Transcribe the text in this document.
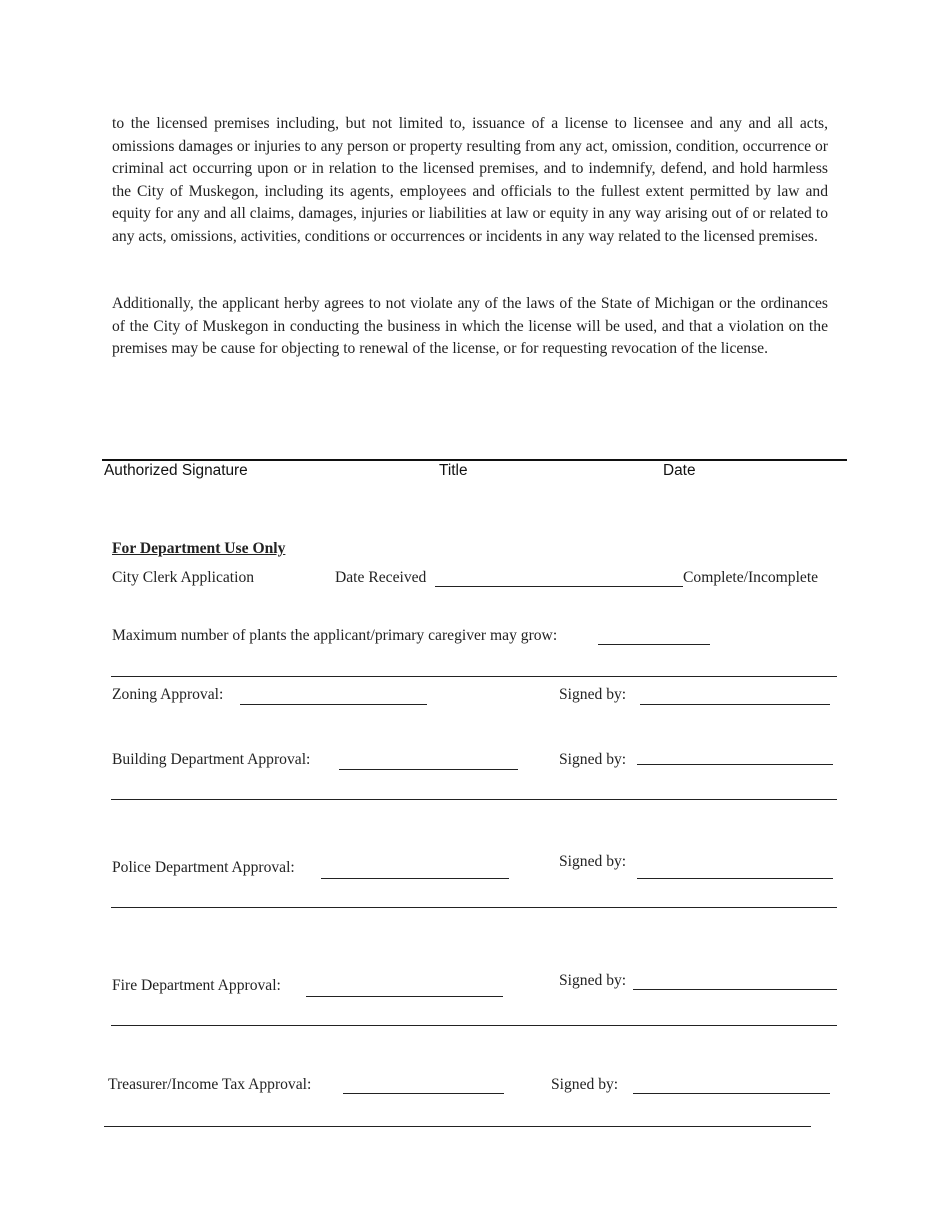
to the licensed premises including, but not limited to, issuance of a license to licensee and any and all acts, omissions damages or injuries to any person or property resulting from any act, omission, condition, occurrence or criminal act occurring upon or in relation to the licensed premises, and to indemnify, defend, and hold harmless the City of Muskegon, including its agents, employees and officials to the fullest extent permitted by law and equity for any and all claims, damages, injuries or liabilities at law or equity in any way arising out of or related to any acts, omissions, activities, conditions or occurrences or incidents in any way related to the licensed premises.

Additionally, the applicant herby agrees to not violate any of the laws of the State of Michigan or the ordinances of the City of Muskegon in conducting the business in which the license will be used, and that a violation on the premises may be cause for objecting to renewal of the license, or for requesting revocation of the license.

Authorized Signature	Title	Date
For Department Use Only
City Clerk Application	Date Received	Complete/Incomplete
Maximum number of plants the applicant/primary caregiver may grow:
Zoning Approval:	Signed by:
Building Department Approval:	Signed by:
Police Department Approval:	Signed by:
Fire Department Approval:	Signed by:
Treasurer/Income Tax Approval:	Signed by:
